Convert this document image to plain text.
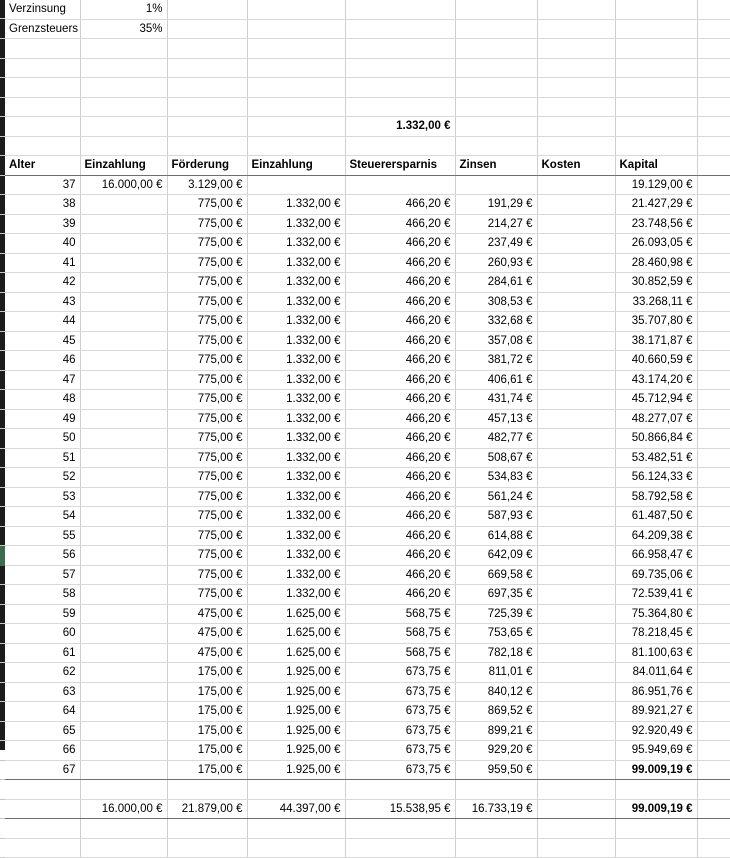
Verzinsung	1%							
Grenzsteuers	35%							

				1.332,00 €				

Alter	Einzahlung	Förderung	Einzahlung	Steuerersparnis	Zinsen	Kosten	Kapital	
37	16.000,00 €	3.129,00 €					19.129,00 €	
38		775,00 €	1.332,00 €	466,20 €	191,29 €		21.427,29 €	
39		775,00 €	1.332,00 €	466,20 €	214,27 €		23.748,56 €	
40		775,00 €	1.332,00 €	466,20 €	237,49 €		26.093,05 €	
41		775,00 €	1.332,00 €	466,20 €	260,93 €		28.460,98 €	
42		775,00 €	1.332,00 €	466,20 €	284,61 €		30.852,59 €	
43		775,00 €	1.332,00 €	466,20 €	308,53 €		33.268,11 €	
44		775,00 €	1.332,00 €	466,20 €	332,68 €		35.707,80 €	
45		775,00 €	1.332,00 €	466,20 €	357,08 €		38.171,87 €	
46		775,00 €	1.332,00 €	466,20 €	381,72 €		40.660,59 €	
47		775,00 €	1.332,00 €	466,20 €	406,61 €		43.174,20 €	
48		775,00 €	1.332,00 €	466,20 €	431,74 €		45.712,94 €	
49		775,00 €	1.332,00 €	466,20 €	457,13 €		48.277,07 €	
50		775,00 €	1.332,00 €	466,20 €	482,77 €		50.866,84 €	
51		775,00 €	1.332,00 €	466,20 €	508,67 €		53.482,51 €	
52		775,00 €	1.332,00 €	466,20 €	534,83 €		56.124,33 €	
53		775,00 €	1.332,00 €	466,20 €	561,24 €		58.792,58 €	
54		775,00 €	1.332,00 €	466,20 €	587,93 €		61.487,50 €	
55		775,00 €	1.332,00 €	466,20 €	614,88 €		64.209,38 €	
56		775,00 €	1.332,00 €	466,20 €	642,09 €		66.958,47 €	
57		775,00 €	1.332,00 €	466,20 €	669,58 €		69.735,06 €	
58		775,00 €	1.332,00 €	466,20 €	697,35 €		72.539,41 €	
59		475,00 €	1.625,00 €	568,75 €	725,39 €		75.364,80 €	
60		475,00 €	1.625,00 €	568,75 €	753,65 €		78.218,45 €	
61		475,00 €	1.625,00 €	568,75 €	782,18 €		81.100,63 €	
62		175,00 €	1.925,00 €	673,75 €	811,01 €		84.011,64 €	
63		175,00 €	1.925,00 €	673,75 €	840,12 €		86.951,76 €	
64		175,00 €	1.925,00 €	673,75 €	869,52 €		89.921,27 €	
65		175,00 €	1.925,00 €	673,75 €	899,21 €		92.920,49 €	
66		175,00 €	1.925,00 €	673,75 €	929,20 €		95.949,69 €	
67		175,00 €	1.925,00 €	673,75 €	959,50 €		99.009,19 €	

	16.000,00 €	21.879,00 €	44.397,00 €	15.538,95 €	16.733,19 €		99.009,19 €	
